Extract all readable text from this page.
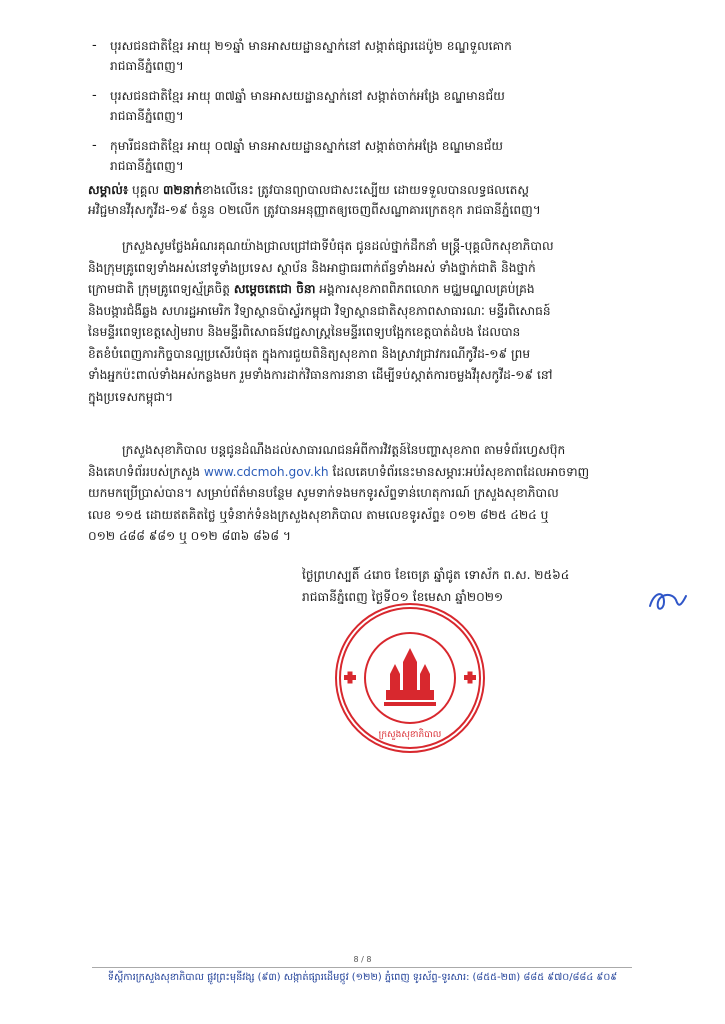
- បុរសជនជាតិខ្មែរ អាយុ ២១ឆ្នាំ មានអាសយដ្ឋានស្នាក់នៅ សង្កាត់ផ្សារដេប៉ូ២ ខណ្ឌទួលគោក
រាជធានីភ្នំពេញ។
- បុរសជនជាតិខ្មែរ អាយុ ៣៧ឆ្នាំ មានអាសយដ្ឋានស្នាក់នៅ សង្កាត់ចាក់អង្រែ ខណ្ឌមានជ័យ
រាជធានីភ្នំពេញ។
- កុមារីជនជាតិខ្មែរ អាយុ ០៧ឆ្នាំ មានអាសយដ្ឋានស្នាក់នៅ សង្កាត់ចាក់អង្រែ ខណ្ឌមានជ័យ
រាជធានីភ្នំពេញ។
សម្គាល់៖ បុគ្គល ៣២នាក់ខាងលើនេះ ត្រូវបានព្យាបាលជាសះស្បើយ ដោយទទួលបានលទ្ធផលតេស្ត
អវិជ្ជមានវីរុសកូវីដ-១៩ ចំនួន ០២លើក ត្រូវបានអនុញ្ញាតឲ្យចេញពីសណ្ឋាគារក្រេតខុក រាជធានីភ្នំពេញ។
ក្រសួងសូមថ្លែងអំណរគុណយ៉ាងជ្រាលជ្រៅជាទីបំផុត ជូនដល់ថ្នាក់ដឹកនាំ មន្ត្រី-បុគ្គលិកសុខាភិបាល
និងក្រុមគ្រូពេទ្យទាំងអស់នៅទូទាំងប្រទេស ស្ថាប័ន និងអាជ្ញាធរពាក់ព័ន្ធទាំងអស់ ទាំងថ្នាក់ជាតិ និងថ្នាក់
ក្រោមជាតិ ក្រុមគ្រូពេទ្យស្ម័គ្រចិត្ត សម្តេចតេជោ ចិនា អង្គការសុខភាពពិភពលោក មជ្ឈមណ្ឌលគ្រប់គ្រង
និងបង្ការជំងឺឆ្លង សហរដ្ឋអាមេរិក វិទ្យាស្ថានប៉ាស្ទ័រកម្ពុជា វិទ្យាស្ថានជាតិសុខភាពសាធារណៈ មន្ទីរពិសោធន៍
នៃមន្ទីរពេទ្យខេត្តសៀមរាប និងមន្ទីរពិសោធន៍វេជ្ជសាស្ត្រនៃមន្ទីរពេទ្យបង្អែកខេត្តបាត់ដំបង ដែលបាន
ខិតខំបំពេញភារកិច្ចបានល្អប្រសើរបំផុត ក្នុងការជួយពិនិត្យសុខភាព និងស្រាវជ្រាវករណីកូវីដ-១៩ ព្រម
ទាំងអ្នកប៉ះពាល់ទាំងអស់កន្លងមក រួមទាំងការដាក់វិធានការនានា ដើម្បីទប់ស្កាត់ការចម្លងវីរុសកូវីដ-១៩ នៅ
ក្នុងប្រទេសកម្ពុជា។
ក្រសួងសុខាភិបាល បន្តជូនដំណឹងដល់សាធារណជនអំពីការវិវត្តន៍នៃបញ្ហាសុខភាព តាមទំព័រហ្វេសប៊ុក
និងគេហទំព័ររបស់ក្រសួង www.cdcmoh.gov.kh ដែលគេហទំព័រនេះមានសម្ភារៈអប់រំសុខភាពដែលអាចទាញ
យកមកប្រើប្រាស់បាន។ សម្រាប់ព័ត៌មានបន្ថែម សូមទាក់ទងមកទូរស័ព្ទទាន់ហេតុការណ៍ ក្រសួងសុខាភិបាល
លេខ ១១៥ ដោយឥតគិតថ្លៃ ឬទំនាក់ទំនងក្រសួងសុខាភិបាល តាមលេខទូរស័ព្ទ៖ ០១២ ៨២៥ ៤២៤ ឬ
០១២ ៤៨៨ ៩៨១ ឬ ០១២ ៨៣៦ ៨៦៨ ។
ថ្ងៃព្រហស្បតិ៍ ៤រោច ខែចេត្រ ឆ្នាំជូត ទោស័ក ព.ស. ២៥៦៤
រាជធានីភ្នំពេញ ថ្ងៃទី០១ ខែមេសា ឆ្នាំ២០២១
ក្រសួងសុខាភិបាល
8 / 8
ទីស្តីការក្រសួងសុខាភិបាល ផ្លូវព្រះមុនីវង្ស (៩៣) សង្កាត់ផ្សារដើមថ្កូវ (១២២) ភ្នំពេញ ទូរស័ព្ទ-ទូរសារ: (៨៥៥-២៣) ៨៨៥ ៩៧០/៨៨៤ ៩០៩
